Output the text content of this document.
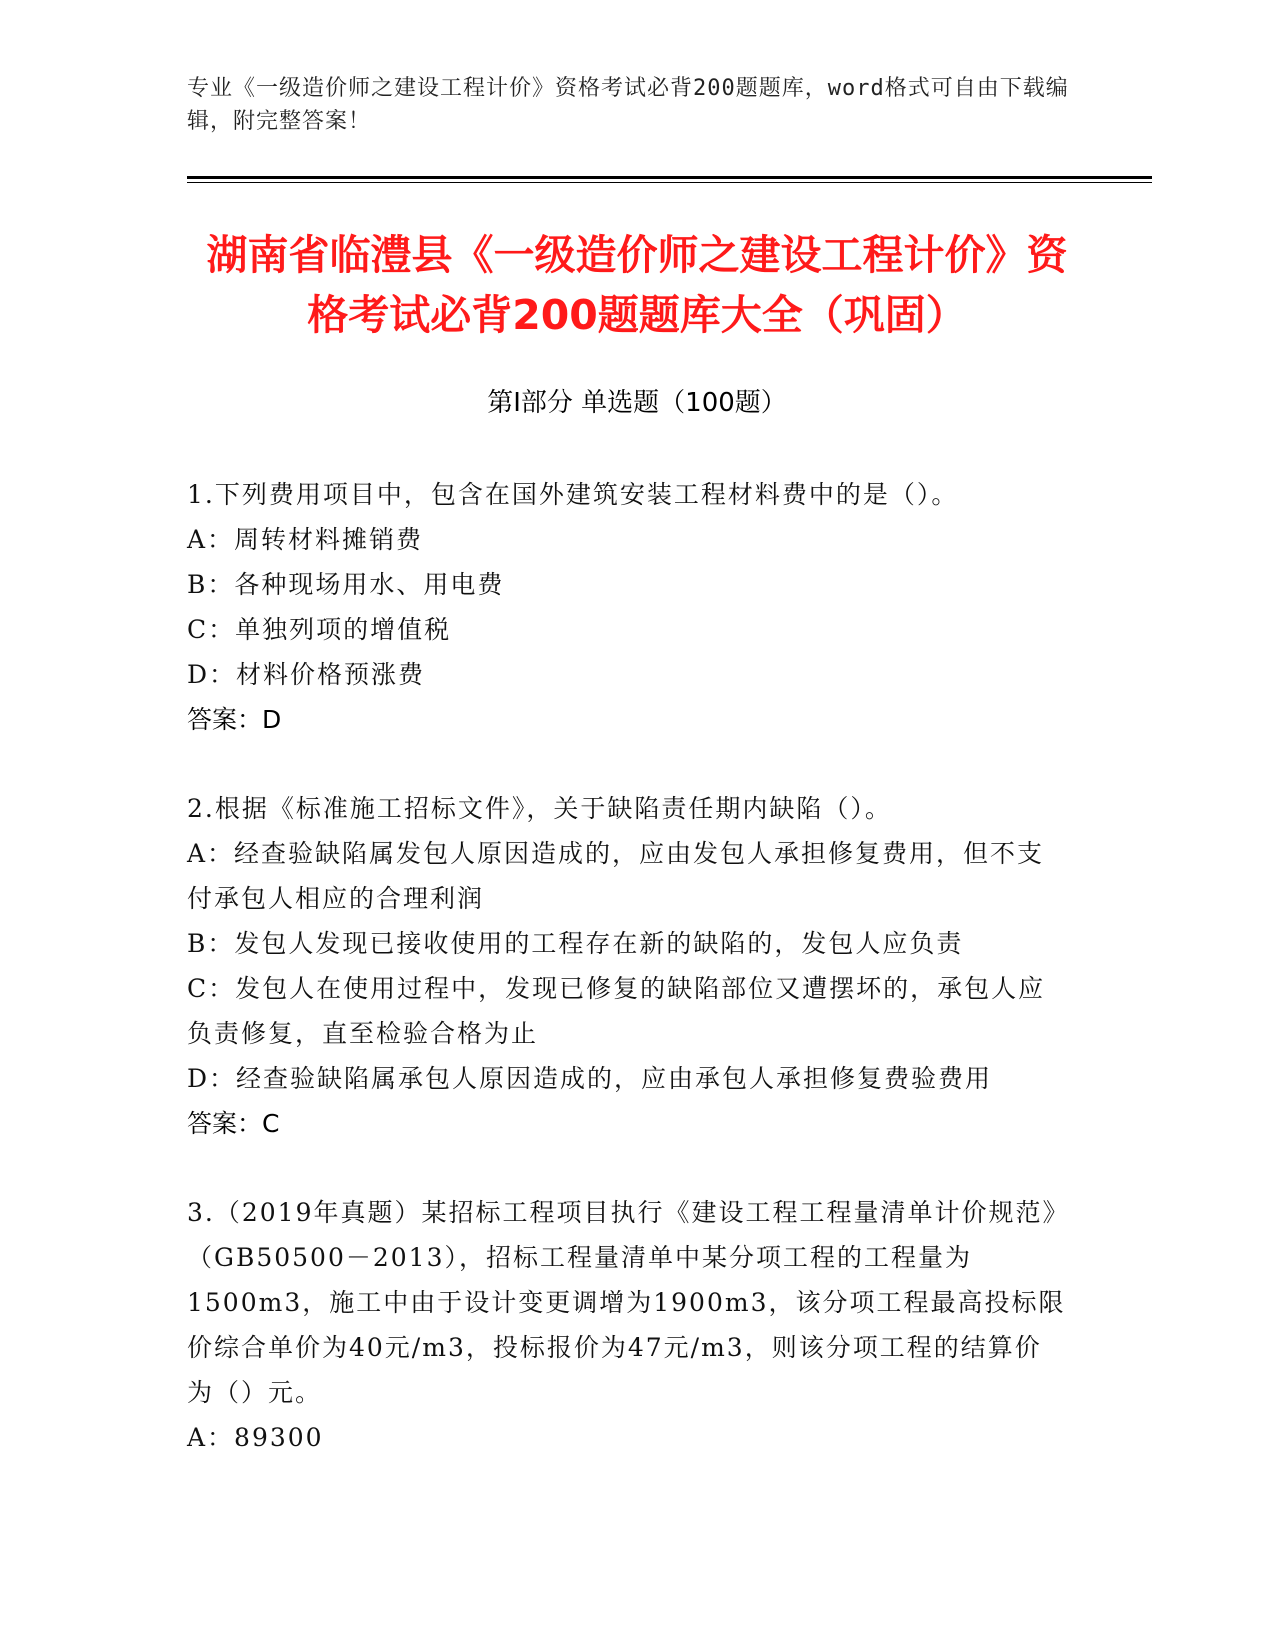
专业《一级造价师之建设工程计价》资格考试必背200题题库，word格式可自由下载编辑，附完整答案！
湖南省临澧县《一级造价师之建设工程计价》资格考试必背200题题库大全（巩固）
第Ⅰ部分 单选题（100题）
1.下列费用项目中，包含在国外建筑安装工程材料费中的是（）。
A：周转材料摊销费
B：各种现场用水、用电费
C：单独列项的增值税
D：材料价格预涨费
答案：D
2.根据《标准施工招标文件》，关于缺陷责任期内缺陷（）。
A：经查验缺陷属发包人原因造成的，应由发包人承担修复费用，但不支付承包人相应的合理利润
B：发包人发现已接收使用的工程存在新的缺陷的，发包人应负责
C：发包人在使用过程中，发现已修复的缺陷部位又遭摆坏的，承包人应负责修复，直至检验合格为止
D：经查验缺陷属承包人原因造成的，应由承包人承担修复费验费用
答案：C
3.（2019年真题）某招标工程项目执行《建设工程工程量清单计价规范》（GB50500－2013），招标工程量清单中某分项工程的工程量为1500m3，施工中由于设计变更调增为1900m3，该分项工程最高投标限价综合单价为40元/m3，投标报价为47元/m3，则该分项工程的结算价为（）元。
A：89300
